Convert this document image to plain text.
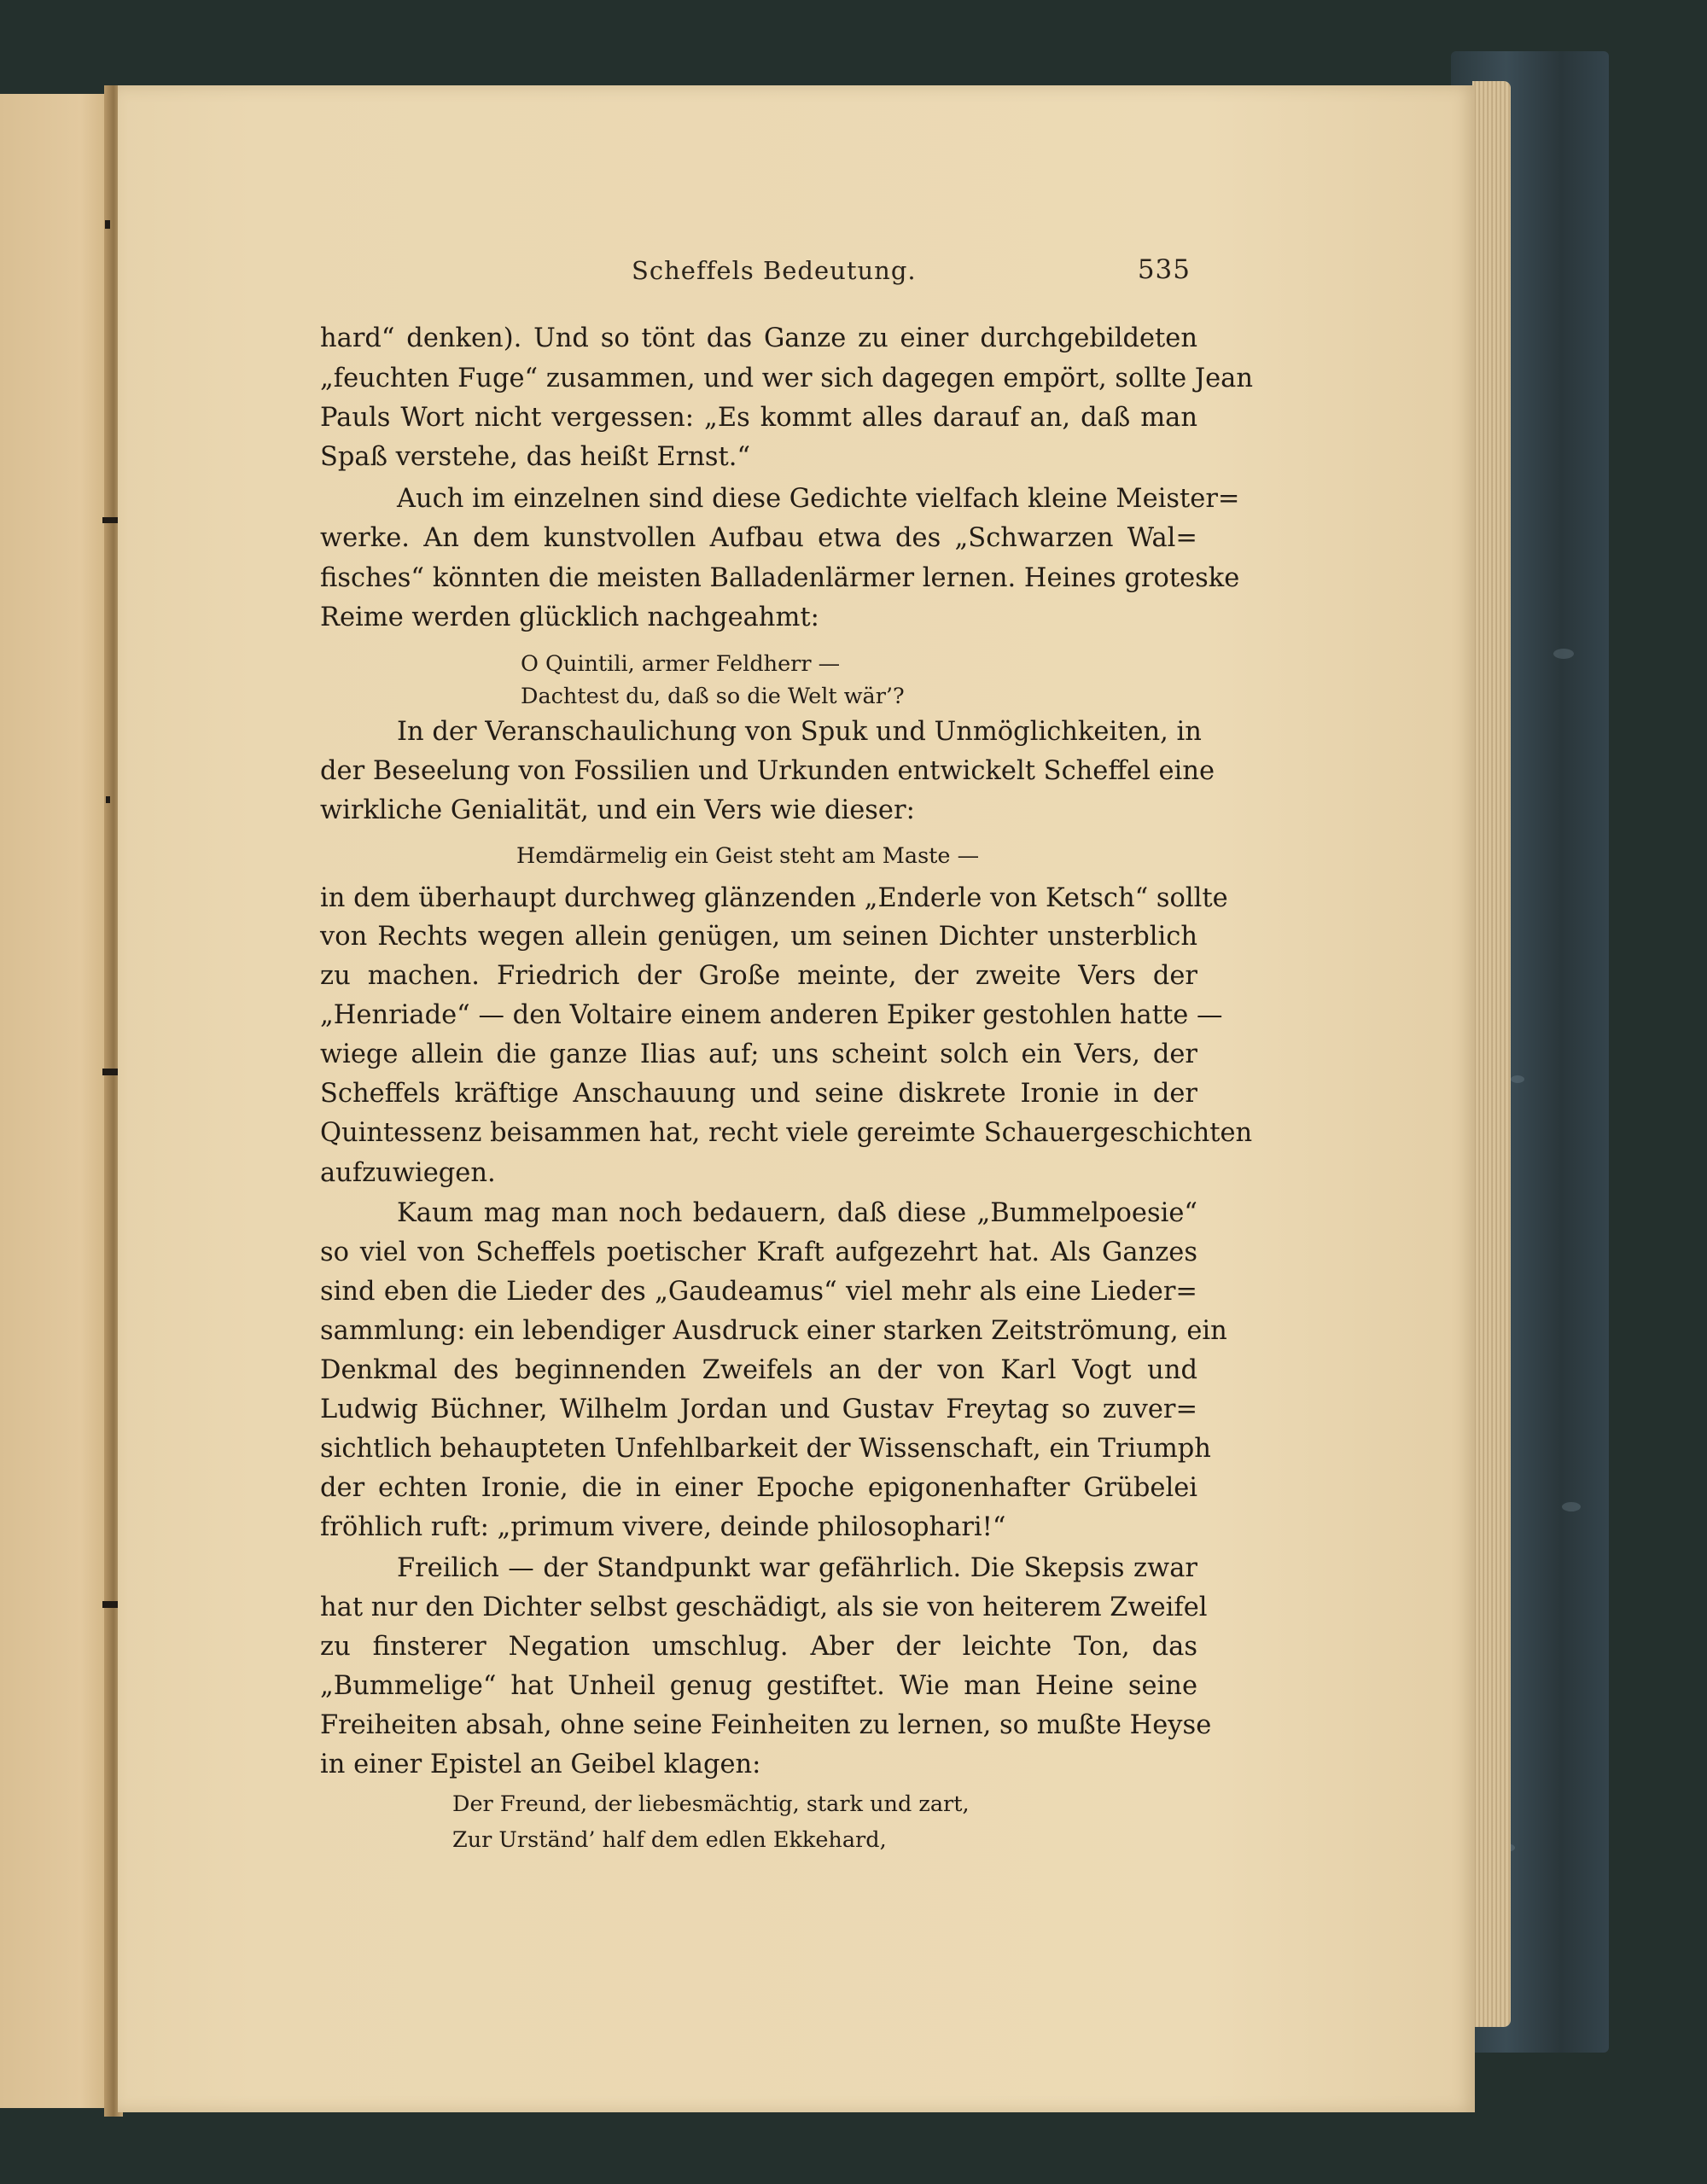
Scheffels Bedeutung.	535
hard“ denken). Und so tönt das Ganze zu einer durchgebildeten
„feuchten Fuge“ zusammen, und wer sich dagegen empört, sollte Jean
Pauls Wort nicht vergessen: „Es kommt alles darauf an, daß man
Spaß verstehe, das heißt Ernst.“
Auch im einzelnen sind diese Gedichte vielfach kleine Meister=
werke. An dem kunstvollen Aufbau etwa des „Schwarzen Wal=
fisches“ könnten die meisten Balladenlärmer lernen. Heines groteske
Reime werden glücklich nachgeahmt:
In der Veranschaulichung von Spuk und Unmöglichkeiten, in
der Beseelung von Fossilien und Urkunden entwickelt Scheffel eine
wirkliche Genialität, und ein Vers wie dieser:
in dem überhaupt durchweg glänzenden „Enderle von Ketsch“ sollte
von Rechts wegen allein genügen, um seinen Dichter unsterblich
zu machen. Friedrich der Große meinte, der zweite Vers der
„Henriade“ — den Voltaire einem anderen Epiker gestohlen hatte —
wiege allein die ganze Ilias auf; uns scheint solch ein Vers, der
Scheffels kräftige Anschauung und seine diskrete Ironie in der
Quintessenz beisammen hat, recht viele gereimte Schauergeschichten
aufzuwiegen.
Kaum mag man noch bedauern, daß diese „Bummelpoesie“
so viel von Scheffels poetischer Kraft aufgezehrt hat. Als Ganzes
sind eben die Lieder des „Gaudeamus“ viel mehr als eine Lieder=
sammlung: ein lebendiger Ausdruck einer starken Zeitströmung, ein
Denkmal des beginnenden Zweifels an der von Karl Vogt und
Ludwig Büchner, Wilhelm Jordan und Gustav Freytag so zuver=
sichtlich behaupteten Unfehlbarkeit der Wissenschaft, ein Triumph
der echten Ironie, die in einer Epoche epigonenhafter Grübelei
fröhlich ruft: „primum vivere, deinde philosophari!“
Freilich — der Standpunkt war gefährlich. Die Skepsis zwar
hat nur den Dichter selbst geschädigt, als sie von heiterem Zweifel
zu finsterer Negation umschlug. Aber der leichte Ton, das
„Bummelige“ hat Unheil genug gestiftet. Wie man Heine seine
Freiheiten absah, ohne seine Feinheiten zu lernen, so mußte Heyse
in einer Epistel an Geibel klagen:
O Quintili, armer Feldherr —
Dachtest du, daß so die Welt wär’?
Hemdärmelig ein Geist steht am Maste —
Der Freund, der liebesmächtig, stark und zart,
Zur Urständ’ half dem edlen Ekkehard,
